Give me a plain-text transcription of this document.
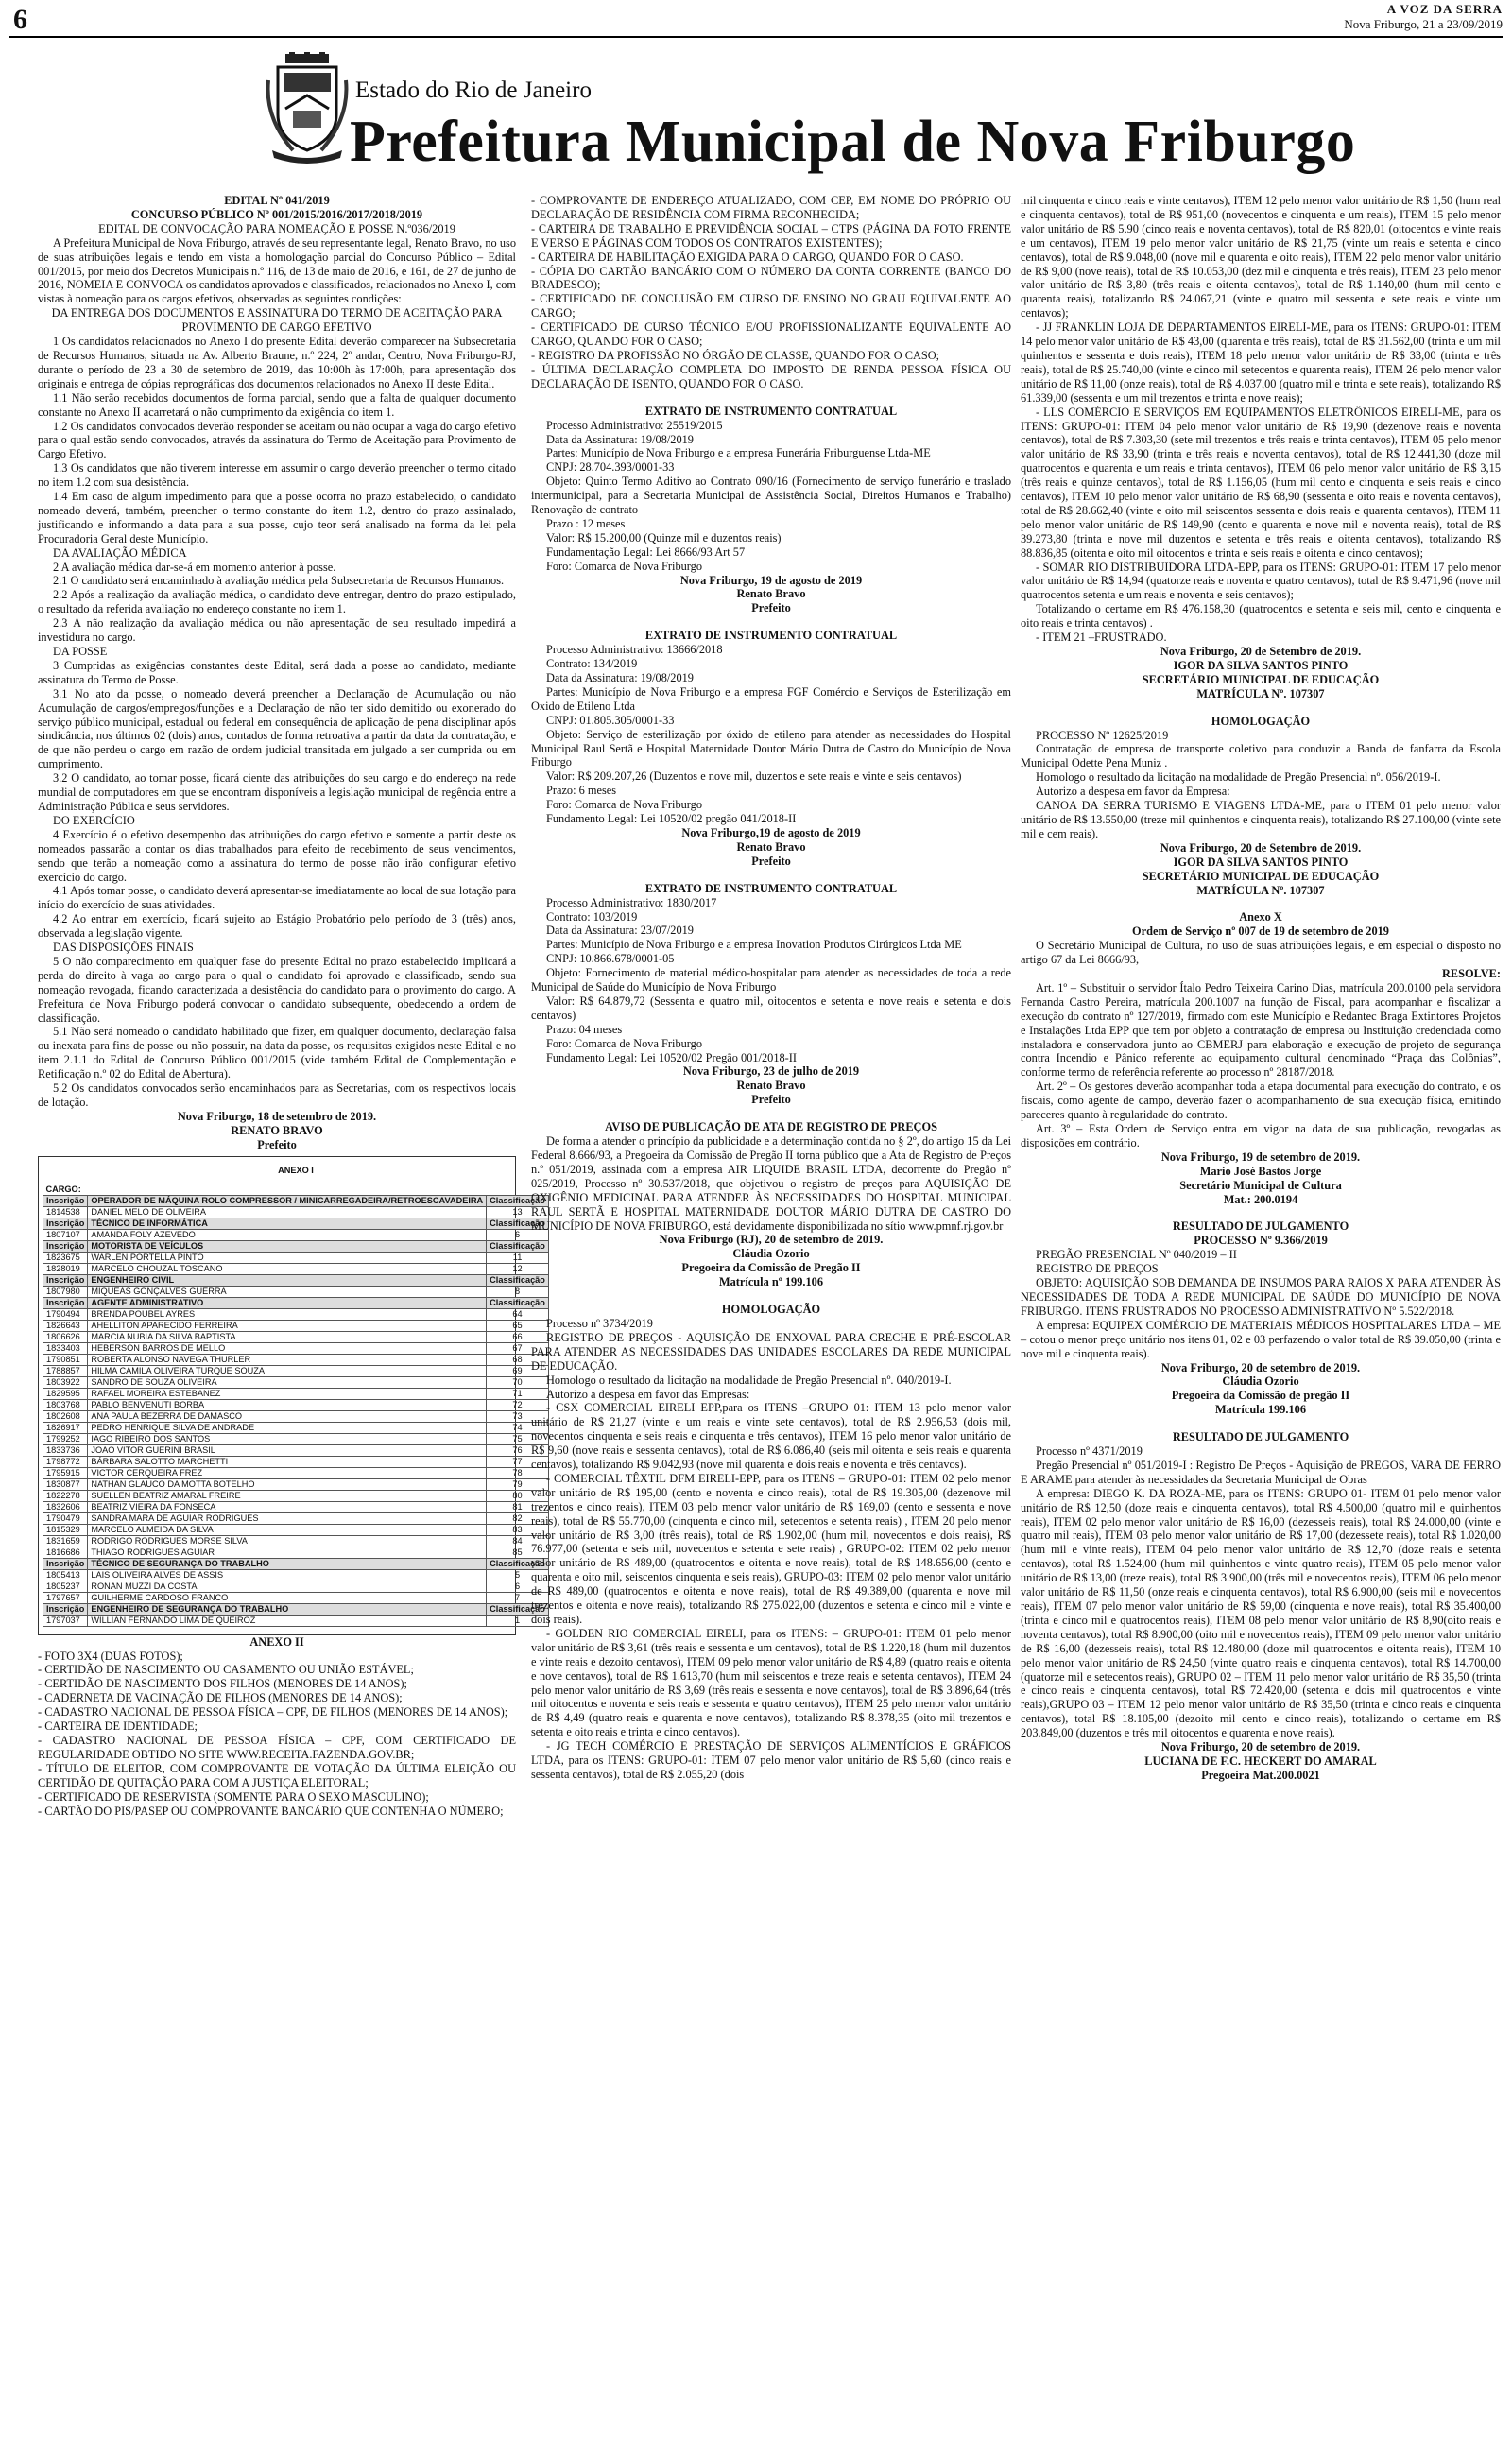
6	A VOZ DA SERRA
Nova Friburgo, 21 a 23/09/2019
Estado do Rio de Janeiro
Prefeitura Municipal de Nova Friburgo

EDITAL Nº 041/2019

CONCURSO PÚBLICO Nº 001/2015/2016/2017/2018/2019

EDITAL DE CONVOCAÇÃO PARA NOMEAÇÃO E POSSE N.º036/2019

A Prefeitura Municipal de Nova Friburgo, através de seu representante legal, Renato Bravo, no uso de suas atribuições legais e tendo em vista a homologação parcial do Concurso Público – Edital 001/2015, por meio dos Decretos Municipais n.º 116, de 13 de maio de 2016, e 161, de 27 de junho de 2016, NOMEIA E CONVOCA os candidatos aprovados e classificados, relacionados no Anexo I, com vistas à nomeação para os cargos efetivos, observadas as seguintes condições:

DA ENTREGA DOS DOCUMENTOS E ASSINATURA DO TERMO DE ACEITAÇÃO PARA PROVIMENTO DE CARGO EFETIVO

1 Os candidatos relacionados no Anexo I do presente Edital deverão comparecer na Subsecretaria de Recursos Humanos, situada na Av. Alberto Braune, n.º 224, 2º andar, Centro, Nova Friburgo-RJ, durante o período de 23 a 30 de setembro de 2019, das 10:00h às 17:00h, para apresentação dos originais e entrega de cópias reprográficas dos documentos relacionados no Anexo II deste Edital.

1.1 Não serão recebidos documentos de forma parcial, sendo que a falta de qualquer documento constante no Anexo II acarretará o não cumprimento da exigência do item 1.

1.2 Os candidatos convocados deverão responder se aceitam ou não ocupar a vaga do cargo efetivo para o qual estão sendo convocados, através da assinatura do Termo de Aceitação para Provimento de Cargo Efetivo.

1.3 Os candidatos que não tiverem interesse em assumir o cargo deverão preencher o termo citado no item 1.2 com sua desistência.

1.4 Em caso de algum impedimento para que a posse ocorra no prazo estabelecido, o candidato nomeado deverá, também, preencher o termo constante do item 1.2, dentro do prazo assinalado, justificando e informando a data para a sua posse, cujo teor será analisado na forma da lei pela Procuradoria Geral deste Município.

DA AVALIAÇÃO MÉDICA

2 A avaliação médica dar-se-á em momento anterior à posse.

2.1 O candidato será encaminhado à avaliação médica pela Subsecretaria de Recursos Humanos.

2.2 Após a realização da avaliação médica, o candidato deve entregar, dentro do prazo estipulado, o resultado da referida avaliação no endereço constante no item 1.

2.3 A não realização da avaliação médica ou não apresentação de seu resultado impedirá a investidura no cargo.

DA POSSE

3 Cumpridas as exigências constantes deste Edital, será dada a posse ao candidato, mediante assinatura do Termo de Posse.

3.1 No ato da posse, o nomeado deverá preencher a Declaração de Acumulação ou não Acumulação de cargos/empregos/funções e a Declaração de não ter sido demitido ou exonerado do serviço público municipal, estadual ou federal em consequência de aplicação de pena disciplinar após sindicância, nos últimos 02 (dois) anos, contados de forma retroativa a partir da data da contratação, e de que não perdeu o cargo em razão de ordem judicial transitada em julgado a ser cumprida ou em cumprimento.

3.2 O candidato, ao tomar posse, ficará ciente das atribuições do seu cargo e do endereço na rede mundial de computadores em que se encontram disponíveis a legislação municipal de regência entre a Administração Pública e seus servidores.

DO EXERCÍCIO

4 Exercício é o efetivo desempenho das atribuições do cargo efetivo e somente a partir deste os nomeados passarão a contar os dias trabalhados para efeito de recebimento de seus vencimentos, sendo que terão a nomeação como a assinatura do termo de posse não irão configurar efetivo exercício do cargo.

4.1 Após tomar posse, o candidato deverá apresentar-se imediatamente ao local de sua lotação para início do exercício de suas atividades.

4.2 Ao entrar em exercício, ficará sujeito ao Estágio Probatório pelo período de 3 (três) anos, observada a legislação vigente.

DAS DISPOSIÇÕES FINAIS

5 O não comparecimento em qualquer fase do presente Edital no prazo estabelecido implicará a perda do direito à vaga ao cargo para o qual o candidato foi aprovado e classificado, sendo sua nomeação revogada, ficando caracterizada a desistência do candidato para o provimento do cargo. A Prefeitura de Nova Friburgo poderá convocar o candidato subsequente, obedecendo a ordem de classificação.

5.1 Não será nomeado o candidato habilitado que fizer, em qualquer documento, declaração falsa ou inexata para fins de posse ou não possuir, na data da posse, os requisitos exigidos neste Edital e no item 2.1.1 do Edital de Concurso Público 001/2015 (vide também Edital de Complementação e Retificação n.º 02 do Edital de Abertura).

5.2 Os candidatos convocados serão encaminhados para as Secretarias, com os respectivos locais de lotação.

Nova Friburgo, 18 de setembro de 2019.

RENATO BRAVO

Prefeito

ANEXO I		
CARGO:		
Inscrição	OPERADOR DE MÁQUINA ROLO COMPRESSOR / MINICARREGADEIRA/RETROESCAVADEIRA	Classificação
1814538	DANIEL MELO DE OLIVEIRA	13
Inscrição	TÉCNICO DE INFORMÁTICA	Classificação
1807107	AMANDA FOLY AZEVEDO	6
Inscrição	MOTORISTA DE VEÍCULOS	Classificação
1823675	WARLEN PORTELLA PINTO	11
1828019	MARCELO CHOUZAL TOSCANO	12
Inscrição	ENGENHEIRO CIVIL	Classificação
1807980	MIQUEAS GONÇALVES GUERRA	8
Inscrição	AGENTE ADMINISTRATIVO	Classificação
1790494	BRENDA POUBEL AYRES	64
1826643	AHELLITON APARECIDO FERREIRA	65
1806626	MARCIA NUBIA DA SILVA BAPTISTA	66
1833403	HEBERSON BARROS DE MELLO	67
1790851	ROBERTA ALONSO NAVEGA THURLER	68
1788857	HILMA CAMILA OLIVEIRA TURQUE SOUZA	69
1803922	SANDRO DE SOUZA OLIVEIRA	70
1829595	RAFAEL MOREIRA ESTEBANEZ	71
1803768	PABLO BENVENUTI BORBA	72
1802608	ANA PAULA BEZERRA DE DAMASCO	73
1826917	PEDRO HENRIQUE SILVA DE ANDRADE	74
1799252	IAGO RIBEIRO DOS SANTOS	75
1833736	JOAO VITOR GUERINI BRASIL	76
1798772	BÁRBARA SALOTTO MARCHETTI	77
1795915	VICTOR CERQUEIRA FREZ	78
1830877	NATHAN GLAUCO DA MOTTA BOTELHO	79
1822278	SUELLEN BEATRIZ AMARAL FREIRE	80
1832606	BEATRIZ VIEIRA DA FONSECA	81
1790479	SANDRA MARA DE AGUIAR RODRIGUES	82
1815329	MARCELO ALMEIDA DA SILVA	83
1831659	RODRIGO RODRIGUES MORSE SILVA	84
1816686	THIAGO RODRIGUES AGUIAR	85
Inscrição	TÉCNICO DE SEGURANÇA DO TRABALHO	Classificação
1805413	LAIS OLIVEIRA ALVES DE ASSIS	5
1805237	RONAN MUZZI DA COSTA	6
1797657	GUILHERME CARDOSO FRANCO	7
Inscrição	ENGENHEIRO DE SEGURANÇA DO TRABALHO	Classificação
1797037	WILLIAN FERNANDO LIMA DE QUEIROZ	1

ANEXO II

- FOTO 3X4 (DUAS FOTOS);

- CERTIDÃO DE NASCIMENTO OU CASAMENTO OU UNIÃO ESTÁVEL;

- CERTIDÃO DE NASCIMENTO DOS FILHOS (MENORES DE 14 ANOS);

- CADERNETA DE VACINAÇÃO DE FILHOS (MENORES DE 14 ANOS);

- CADASTRO NACIONAL DE PESSOA FÍSICA – CPF, DE FILHOS (MENORES DE 14 ANOS);

- CARTEIRA DE IDENTIDADE;

- CADASTRO NACIONAL DE PESSOA FÍSICA – CPF, COM CERTIFICADO DE REGULARIDADE OBTIDO NO SITE WWW.RECEITA.FAZENDA.GOV.BR;

- TÍTULO DE ELEITOR, COM COMPROVANTE DE VOTAÇÃO DA ÚLTIMA ELEIÇÃO OU CERTIDÃO DE QUITAÇÃO PARA COM A JUSTIÇA ELEITORAL;

- CERTIFICADO DE RESERVISTA (SOMENTE PARA O SEXO MASCULINO);

- CARTÃO DO PIS/PASEP OU COMPROVANTE BANCÁRIO QUE CONTENHA O NÚMERO;

- COMPROVANTE DE ENDEREÇO ATUALIZADO, COM CEP, EM NOME DO PRÓPRIO OU DECLARAÇÃO DE RESIDÊNCIA COM FIRMA RECONHECIDA;

- CARTEIRA DE TRABALHO E PREVIDÊNCIA SOCIAL – CTPS (PÁGINA DA FOTO FRENTE E VERSO E PÁGINAS COM TODOS OS CONTRATOS EXISTENTES);

- CARTEIRA DE HABILITAÇÃO EXIGIDA PARA O CARGO, QUANDO FOR O CASO.

- CÓPIA DO CARTÃO BANCÁRIO COM O NÚMERO DA CONTA CORRENTE (BANCO DO BRADESCO);

- CERTIFICADO DE CONCLUSÃO EM CURSO DE ENSINO NO GRAU EQUIVALENTE AO CARGO;

- CERTIFICADO DE CURSO TÉCNICO E/OU PROFISSIONALIZANTE EQUIVALENTE AO CARGO, QUANDO FOR O CASO;

- REGISTRO DA PROFISSÃO NO ÓRGÃO DE CLASSE, QUANDO FOR O CASO;

- ÚLTIMA DECLARAÇÃO COMPLETA DO IMPOSTO DE RENDA PESSOA FÍSICA OU DECLARAÇÃO DE ISENTO, QUANDO FOR O CASO.

EXTRATO DE INSTRUMENTO CONTRATUAL

Processo Administrativo: 25519/2015

Data da Assinatura: 19/08/2019

Partes: Município de Nova Friburgo e a empresa Funerária Friburguense Ltda-ME

CNPJ: 28.704.393/0001-33

Objeto: Quinto Termo Aditivo ao Contrato 090/16 (Fornecimento de serviço funerário e traslado intermunicipal, para a Secretaria Municipal de Assistência Social, Direitos Humanos e Trabalho) Renovação de contrato

Prazo : 12 meses

Valor: R$ 15.200,00 (Quinze mil e duzentos reais)

Fundamentação Legal: Lei 8666/93 Art 57

Foro: Comarca de Nova Friburgo

Nova Friburgo, 19 de agosto de 2019

Renato Bravo

Prefeito

EXTRATO DE INSTRUMENTO CONTRATUAL

Processo Administrativo: 13666/2018

Contrato: 134/2019

Data da Assinatura: 19/08/2019

Partes: Município de Nova Friburgo e a empresa FGF Comércio e Serviços de Esterilização em Oxido de Etileno Ltda

CNPJ: 01.805.305/0001-33

Objeto: Serviço de esterilização por óxido de etileno para atender as necessidades do Hospital Municipal Raul Sertã e Hospital Maternidade Doutor Mário Dutra de Castro do Município de Nova Friburgo

Valor: R$ 209.207,26 (Duzentos e nove mil, duzentos e sete reais e vinte e seis centavos)

Prazo: 6 meses

Foro: Comarca de Nova Friburgo

Fundamento Legal: Lei 10520/02 pregão 041/2018-II

Nova Friburgo,19 de agosto de 2019

Renato Bravo

Prefeito

EXTRATO DE INSTRUMENTO CONTRATUAL

Processo Administrativo: 1830/2017

Contrato: 103/2019

Data da Assinatura: 23/07/2019

Partes: Município de Nova Friburgo e a empresa Inovation Produtos Cirúrgicos Ltda ME

CNPJ: 10.866.678/0001-05

Objeto: Fornecimento de material médico-hospitalar para atender as necessidades de toda a rede Municipal de Saúde do Município de Nova Friburgo

Valor: R$ 64.879,72 (Sessenta e quatro mil, oitocentos e setenta e nove reais e setenta e dois centavos)

Prazo: 04 meses

Foro: Comarca de Nova Friburgo

Fundamento Legal: Lei 10520/02 Pregão 001/2018-II

Nova Friburgo, 23 de julho de 2019

Renato Bravo

Prefeito

AVISO DE PUBLICAÇÃO DE ATA DE REGISTRO DE PREÇOS

De forma a atender o princípio da publicidade e a determinação contida no § 2º, do artigo 15 da Lei Federal 8.666/93, a Pregoeira da Comissão de Pregão II torna público que a Ata de Registro de Preços n.º 051/2019, assinada com a empresa AIR LIQUIDE BRASIL LTDA, decorrente do Pregão nº 025/2019, Processo nº 30.537/2018, que objetivou o registro de preços para AQUISIÇÃO DE OXIGÊNIO MEDICINAL PARA ATENDER ÀS NECESSIDADES DO HOSPITAL MUNICIPAL RAUL SERTÃ E HOSPITAL MATERNIDADE DOUTOR MÁRIO DUTRA DE CASTRO DO MUNICÍPIO DE NOVA FRIBURGO, está devidamente disponibilizada no sítio www.pmnf.rj.gov.br

Nova Friburgo (RJ), 20 de setembro de 2019.

Cláudia Ozorio

Pregoeira da Comissão de Pregão II

Matrícula nº 199.106

HOMOLOGAÇÃO

Processo nº 3734/2019

REGISTRO DE PREÇOS - AQUISIÇÃO DE ENXOVAL PARA CRECHE E PRÉ-ESCOLAR PARA ATENDER AS NECESSIDADES DAS UNIDADES ESCOLARES DA REDE MUNICIPAL DE EDUCAÇÃO.

Homologo o resultado da licitação na modalidade de Pregão Presencial nº. 040/2019-I.

Autorizo a despesa em favor das Empresas:

- CSX COMERCIAL EIRELI EPP,para os ITENS –GRUPO 01: ITEM 13 pelo menor valor unitário de R$ 21,27 (vinte e um reais e vinte sete centavos), total de R$ 2.956,53 (dois mil, novecentos cinquenta e seis reais e cinquenta e três centavos), ITEM 16 pelo menor valor unitário de R$ 9,60 (nove reais e sessenta centavos), total de R$ 6.086,40 (seis mil oitenta e seis reais e quarenta centavos), totalizando R$ 9.042,93 (nove mil quarenta e dois reais e noventa e três centavos).

- COMERCIAL TÊXTIL DFM EIRELI-EPP, para os ITENS – GRUPO-01: ITEM 02 pelo menor valor unitário de R$ 195,00 (cento e noventa e cinco reais), total de R$ 19.305,00 (dezenove mil trezentos e cinco reais), ITEM 03 pelo menor valor unitário de R$ 169,00 (cento e sessenta e nove reais), total de R$ 55.770,00 (cinquenta e cinco mil, setecentos e setenta reais) , ITEM 20 pelo menor valor unitário de R$ 3,00 (três reais), total de R$ 1.902,00 (hum mil, novecentos e dois reais), R$ 76.977,00 (setenta e seis mil, novecentos e setenta e sete reais) , GRUPO-02: ITEM 02 pelo menor valor unitário de R$ 489,00 (quatrocentos e oitenta e nove reais), total de R$ 148.656,00 (cento e quarenta e oito mil, seiscentos cinquenta e seis reais), GRUPO-03: ITEM 02 pelo menor valor unitário de R$ 489,00 (quatrocentos e oitenta e nove reais), total de R$ 49.389,00 (quarenta e nove mil trezentos e oitenta e nove reais), totalizando R$ 275.022,00 (duzentos e setenta e cinco mil e vinte e dois reais).

- GOLDEN RIO COMERCIAL EIRELI, para os ITENS: – GRUPO-01: ITEM 01 pelo menor valor unitário de R$ 3,61 (três reais e sessenta e um centavos), total de R$ 1.220,18 (hum mil duzentos e vinte reais e dezoito centavos), ITEM 09 pelo menor valor unitário de R$ 4,89 (quatro reais e oitenta e nove centavos), total de R$ 1.613,70 (hum mil seiscentos e treze reais e setenta centavos), ITEM 24 pelo menor valor unitário de R$ 3,69 (três reais e sessenta e nove centavos), total de R$ 3.896,64 (três mil oitocentos e noventa e seis reais e sessenta e quatro centavos), ITEM 25 pelo menor valor unitário de R$ 4,49 (quatro reais e quarenta e nove centavos), totalizando R$ 8.378,35 (oito mil trezentos e setenta e oito reais e trinta e cinco centavos).

- JG TECH COMÉRCIO E PRESTAÇÃO DE SERVIÇOS ALIMENTÍCIOS E GRÁFICOS LTDA, para os ITENS: GRUPO-01: ITEM 07 pelo menor valor unitário de R$ 5,60 (cinco reais e sessenta centavos), total de R$ 2.055,20 (dois

mil cinquenta e cinco reais e vinte centavos), ITEM 12 pelo menor valor unitário de R$ 1,50 (hum real e cinquenta centavos), total de R$ 951,00 (novecentos e cinquenta e um reais), ITEM 15 pelo menor valor unitário de R$ 5,90 (cinco reais e noventa centavos), total de R$ 820,01 (oitocentos e vinte reais e um centavos), ITEM 19 pelo menor valor unitário de R$ 21,75 (vinte um reais e setenta e cinco centavos), total de R$ 9.048,00 (nove mil e quarenta e oito reais), ITEM 22 pelo menor valor unitário de R$ 9,00 (nove reais), total de R$ 10.053,00 (dez mil e cinquenta e três reais), ITEM 23 pelo menor valor unitário de R$ 3,80 (três reais e oitenta centavos), total de R$ 1.140,00 (hum mil cento e quarenta reais), totalizando R$ 24.067,21 (vinte e quatro mil sessenta e sete reais e vinte um centavos);

- JJ FRANKLIN LOJA DE DEPARTAMENTOS EIRELI-ME, para os ITENS: GRUPO-01: ITEM 14 pelo menor valor unitário de R$ 43,00 (quarenta e três reais), total de R$ 31.562,00 (trinta e um mil quinhentos e sessenta e dois reais), ITEM 18 pelo menor valor unitário de R$ 33,00 (trinta e três reais), total de R$ 25.740,00 (vinte e cinco mil setecentos e quarenta reais), ITEM 26 pelo menor valor unitário de R$ 11,00 (onze reais), total de R$ 4.037,00 (quatro mil e trinta e sete reais), totalizando R$ 61.339,00 (sessenta e um mil trezentos e trinta e nove reais);

- LLS COMÉRCIO E SERVIÇOS EM EQUIPAMENTOS ELETRÔNICOS EIRELI-ME, para os ITENS: GRUPO-01: ITEM 04 pelo menor valor unitário de R$ 19,90 (dezenove reais e noventa centavos), total de R$ 7.303,30 (sete mil trezentos e três reais e trinta centavos), ITEM 05 pelo menor valor unitário de R$ 33,90 (trinta e três reais e noventa centavos), total de R$ 12.441,30 (doze mil quatrocentos e quarenta e um reais e trinta centavos), ITEM 06 pelo menor valor unitário de R$ 3,15 (três reais e quinze centavos), total de R$ 1.156,05 (hum mil cento e cinquenta e seis reais e cinco centavos), ITEM 10 pelo menor valor unitário de R$ 68,90 (sessenta e oito reais e noventa centavos), total de R$ 28.662,40 (vinte e oito mil seiscentos sessenta e dois reais e quarenta centavos), ITEM 11 pelo menor valor unitário de R$ 149,90 (cento e quarenta e nove mil e noventa reais), total de R$ 39.273,80 (trinta e nove mil duzentos e setenta e três reais e oitenta centavos), totalizando R$ 88.836,85 (oitenta e oito mil oitocentos e trinta e seis reais e oitenta e cinco centavos);

- SOMAR RIO DISTRIBUIDORA LTDA-EPP, para os ITENS: GRUPO-01: ITEM 17 pelo menor valor unitário de R$ 14,94 (quatorze reais e noventa e quatro centavos), total de R$ 9.471,96 (nove mil quatrocentos setenta e um reais e noventa e seis centavos);

Totalizando o certame em R$ 476.158,30 (quatrocentos e setenta e seis mil, cento e cinquenta e oito reais e trinta centavos) .

- ITEM 21 –FRUSTRADO.

Nova Friburgo, 20 de Setembro de 2019.

IGOR DA SILVA SANTOS PINTO

SECRETÁRIO MUNICIPAL DE EDUCAÇÃO

MATRÍCULA Nº. 107307

HOMOLOGAÇÃO

PROCESSO Nº 12625/2019

Contratação de empresa de transporte coletivo para conduzir a Banda de fanfarra da Escola Municipal Odette Pena Muniz .

Homologo o resultado da licitação na modalidade de Pregão Presencial nº. 056/2019-I.

Autorizo a despesa em favor da Empresa:

CANOA DA SERRA TURISMO E VIAGENS LTDA-ME, para o ITEM 01 pelo menor valor unitário de R$ 13.550,00 (treze mil quinhentos e cinquenta reais), totalizando R$ 27.100,00 (vinte sete mil e cem reais).

Nova Friburgo, 20 de Setembro de 2019.

IGOR DA SILVA SANTOS PINTO

SECRETÁRIO MUNICIPAL DE EDUCAÇÃO

MATRÍCULA Nº. 107307

Anexo X

Ordem de Serviço nº 007 de 19 de setembro de 2019

O Secretário Municipal de Cultura, no uso de suas atribuições legais, e em especial o disposto no artigo 67 da Lei 8666/93,

RESOLVE:

Art. 1º – Substituir o servidor Ítalo Pedro Teixeira Carino Dias, matrícula 200.0100 pela servidora Fernanda Castro Pereira, matrícula 200.1007 na função de Fiscal, para acompanhar e fiscalizar a execução do contrato nº 127/2019, firmado com este Município e Redantec Braga Extintores Projetos e Instalações Ltda EPP que tem por objeto a contratação de empresa ou Instituição credenciada como instaladora e conservadora junto ao CBMERJ para elaboração e execução de projeto de segurança contra Incendio e Pânico referente ao equipamento cultural denominado “Praça das Colônias”, conforme termo de referência referente ao processo nº 28187/2018.

Art. 2º – Os gestores deverão acompanhar toda a etapa documental para execução do contrato, e os fiscais, como agente de campo, deverão fazer o acompanhamento de sua execução física, emitindo pareceres quanto à regularidade do contrato.

Art. 3º – Esta Ordem de Serviço entra em vigor na data de sua publicação, revogadas as disposições em contrário.

Nova Friburgo, 19 de setembro de 2019.

Mario José Bastos Jorge

Secretário Municipal de Cultura

Mat.: 200.0194

RESULTADO DE JULGAMENTO

PROCESSO Nº 9.366/2019

PREGÃO PRESENCIAL Nº 040/2019 – II

REGISTRO DE PREÇOS

OBJETO: AQUISIÇÃO SOB DEMANDA DE INSUMOS PARA RAIOS X PARA ATENDER ÀS NECESSIDADES DE TODA A REDE MUNICIPAL DE SAÚDE DO MUNICÍPIO DE NOVA FRIBURGO. ITENS FRUSTRADOS NO PROCESSO ADMINISTRATIVO Nº 5.522/2018.

A empresa: EQUIPEX COMÉRCIO DE MATERIAIS MÉDICOS HOSPITALARES LTDA – ME – cotou o menor preço unitário nos itens 01, 02 e 03 perfazendo o valor total de R$ 39.050,00 (trinta e nove mil e cinquenta reais).

Nova Friburgo, 20 de setembro de 2019.

Cláudia Ozorio

Pregoeira da Comissão de pregão II

Matrícula 199.106

RESULTADO DE JULGAMENTO

Processo nº 4371/2019

Pregão Presencial nº 051/2019-I : Registro De Preços - Aquisição de PREGOS, VARA DE FERRO E ARAME para atender às necessidades da Secretaria Municipal de Obras

A empresa: DIEGO K. DA ROZA-ME, para os ITENS: GRUPO 01- ITEM 01 pelo menor valor unitário de R$ 12,50 (doze reais e cinquenta centavos), total R$ 4.500,00 (quatro mil e quinhentos reais), ITEM 02 pelo menor valor unitário de R$ 16,00 (dezesseis reais), total R$ 24.000,00 (vinte e quatro mil reais), ITEM 03 pelo menor valor unitário de R$ 17,00 (dezessete reais), total R$ 1.020,00 (hum mil e vinte reais), ITEM 04 pelo menor valor unitário de R$ 12,70 (doze reais e setenta centavos), total R$ 1.524,00 (hum mil quinhentos e vinte quatro reais), ITEM 05 pelo menor valor unitário de R$ 13,00 (treze reais), total R$ 3.900,00 (três mil e novecentos reais), ITEM 06 pelo menor valor unitário de R$ 11,50 (onze reais e cinquenta centavos), total R$ 6.900,00 (seis mil e novecentos reais), ITEM 07 pelo menor valor unitário de R$ 59,00 (cinquenta e nove reais), total R$ 35.400,00 (trinta e cinco mil e quatrocentos reais), ITEM 08 pelo menor valor unitário de R$ 8,90(oito reais e noventa centavos), total R$ 8.900,00 (oito mil e novecentos reais), ITEM 09 pelo menor valor unitário de R$ 16,00 (dezesseis reais), total R$ 12.480,00 (doze mil quatrocentos e oitenta reais), ITEM 10 pelo menor valor unitário de R$ 24,50 (vinte quatro reais e cinquenta centavos), total R$ 14.700,00 (quatorze mil e setecentos reais), GRUPO 02 – ITEM 11 pelo menor valor unitário de R$ 35,50 (trinta e cinco reais e cinquenta centavos), total R$ 72.420,00 (setenta e dois mil quatrocentos e vinte reais),GRUPO 03 – ITEM 12 pelo menor valor unitário de R$ 35,50 (trinta e cinco reais e cinquenta centavos), total R$ 18.105,00 (dezoito mil cento e cinco reais), totalizando o certame em R$ 203.849,00 (duzentos e três mil oitocentos e quarenta e nove reais).

Nova Friburgo, 20 de setembro de 2019.

LUCIANA DE F.C. HECKERT DO AMARAL

Pregoeira Mat.200.0021
